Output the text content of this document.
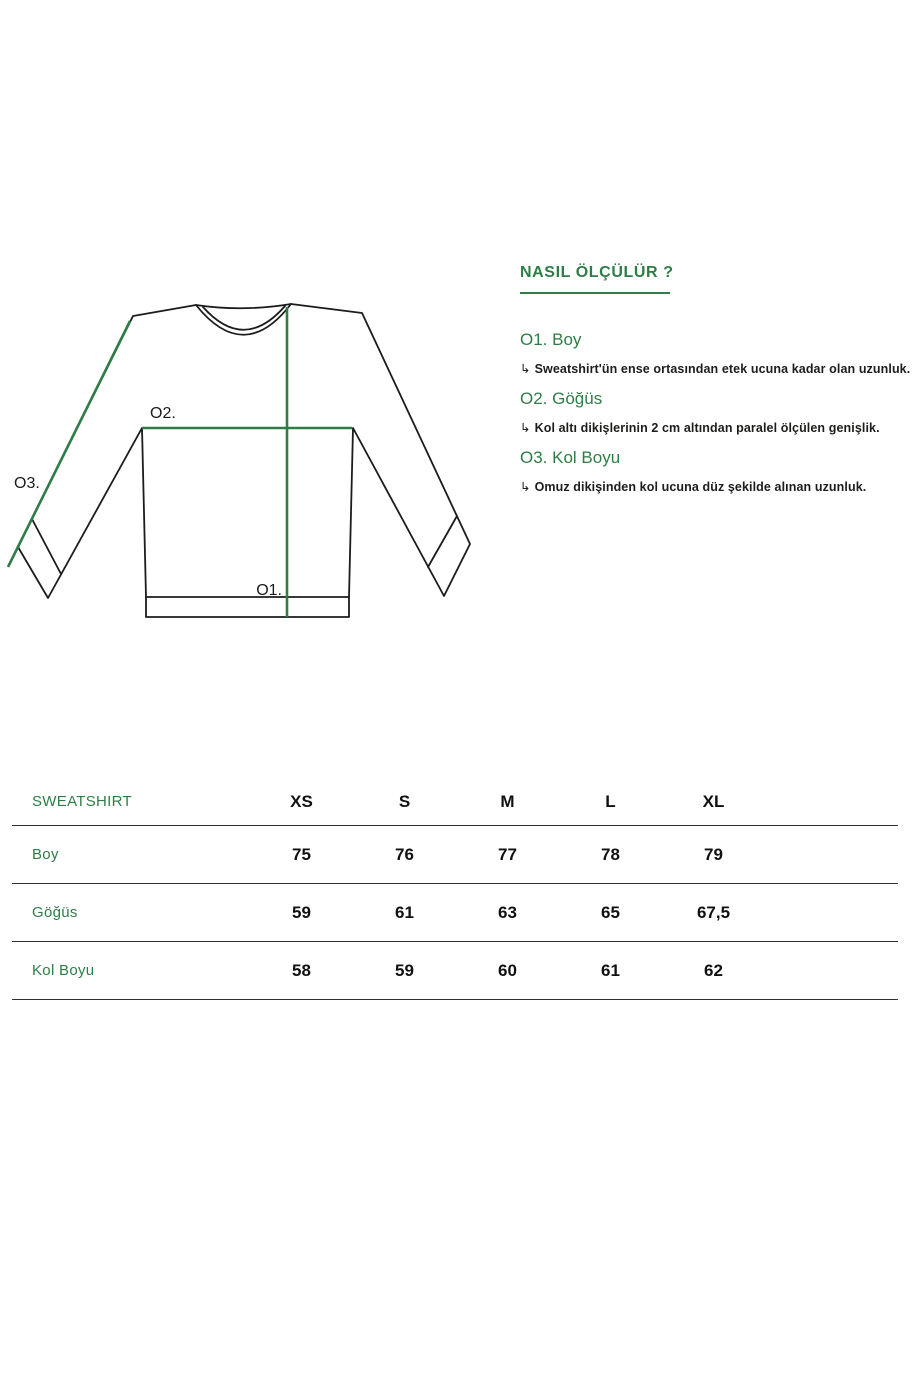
O2.
O1.
O3.
NASIL ÖLÇÜLÜR ?
O1. Boy
↳ Sweatshirt'ün ense ortasından etek ucuna kadar olan uzunluk.
O2. Göğüs
↳ Kol altı dikişlerinin 2 cm altından paralel ölçülen genişlik.
O3. Kol Boyu
↳ Omuz dikişinden kol ucuna düz şekilde alınan uzunluk.
SWEATSHIRT	XS	S	M	L	XL
Boy	75	76	77	78	79
Göğüs	59	61	63	65	67,5
Kol Boyu	58	59	60	61	62
